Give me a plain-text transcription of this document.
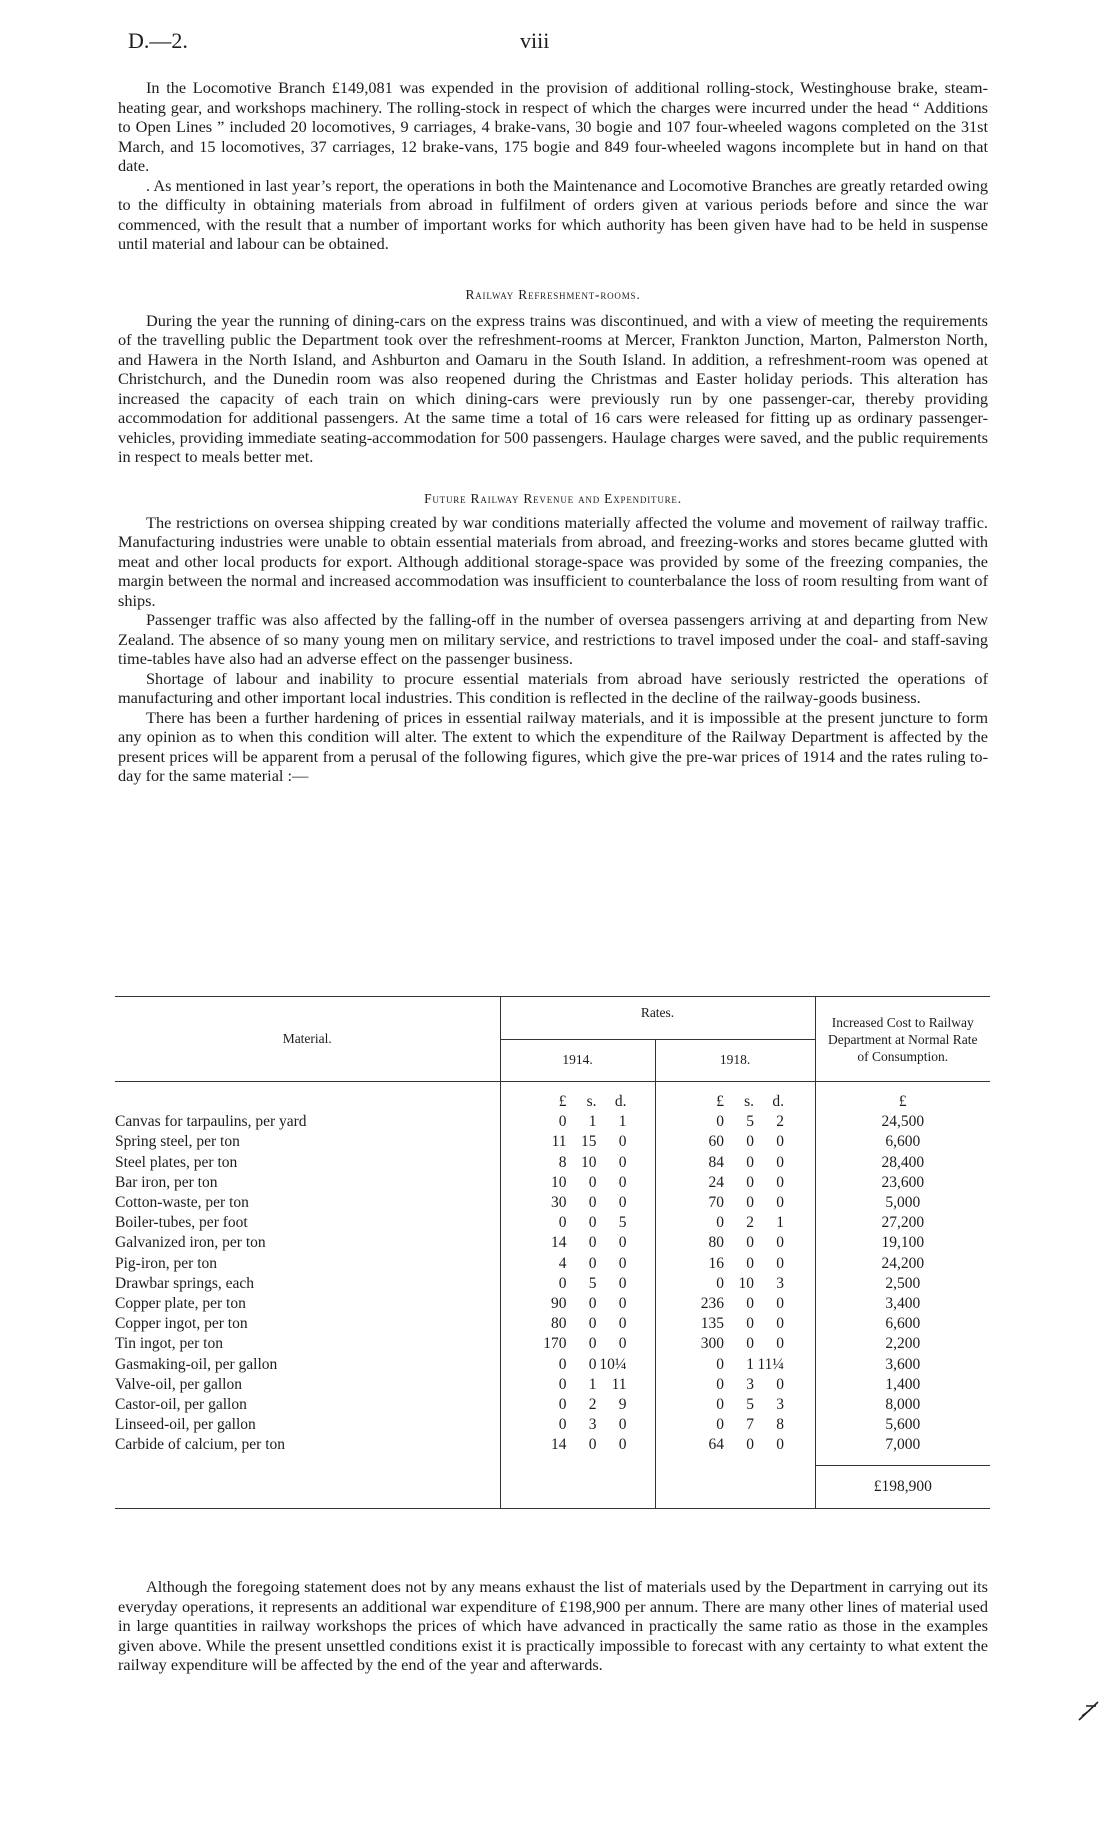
D.—2.	viii

In the Locomotive Branch £149,081 was expended in the provision of additional rolling-stock, Westinghouse brake, steam-heating gear, and workshops machinery. The rolling-stock in respect of which the charges were incurred under the head “ Additions to Open Lines ” included 20 locomotives, 9 carriages, 4 brake-vans, 30 bogie and 107 four-wheeled wagons completed on the 31st March, and 15 locomotives, 37 carriages, 12 brake-vans, 175 bogie and 849 four-wheeled wagons incomplete but in hand on that date.

. As mentioned in last year’s report, the operations in both the Maintenance and Locomotive Branches are greatly retarded owing to the difficulty in obtaining materials from abroad in fulfilment of orders given at various periods before and since the war commenced, with the result that a number of important works for which authority has been given have had to be held in suspense until material and labour can be obtained.

Railway Refreshment-rooms.

During the year the running of dining-cars on the express trains was discontinued, and with a view of meeting the requirements of the travelling public the Department took over the refreshment-rooms at Mercer, Frankton Junction, Marton, Palmerston North, and Hawera in the North Island, and Ashburton and Oamaru in the South Island. In addition, a refreshment-room was opened at Christchurch, and the Dunedin room was also reopened during the Christmas and Easter holiday periods. This alteration has increased the capacity of each train on which dining-cars were previously run by one passenger-car, thereby providing accommodation for additional passengers. At the same time a total of 16 cars were released for fitting up as ordinary passenger-vehicles, providing immediate seating-accommodation for 500 passengers. Haulage charges were saved, and the public requirements in respect to meals better met.

Future Railway Revenue and Expenditure.

The restrictions on oversea shipping created by war conditions materially affected the volume and movement of railway traffic. Manufacturing industries were unable to obtain essential materials from abroad, and freezing-works and stores became glutted with meat and other local products for export. Although additional storage-space was provided by some of the freezing companies, the margin between the normal and increased accommodation was insufficient to counterbalance the loss of room resulting from want of ships.

Passenger traffic was also affected by the falling-off in the number of oversea passengers arriving at and departing from New Zealand. The absence of so many young men on military service, and restrictions to travel imposed under the coal- and staff-saving time-tables have also had an adverse effect on the passenger business.

Shortage of labour and inability to procure essential materials from abroad have seriously restricted the operations of manufacturing and other important local industries. This condition is reflected in the decline of the railway-goods business.

There has been a further hardening of prices in essential railway materials, and it is impossible at the present juncture to form any opinion as to when this condition will alter. The extent to which the expenditure of the Railway Department is affected by the present prices will be apparent from a perusal of the following figures, which give the pre-war prices of 1914 and the rates ruling to-day for the same material :—

Material.	Rates.		Increased Cost to Railway Department at Normal Rate of Consumption.
	1914.	1918.	
	£ s. d.	£ s. d.	£
Canvas for tarpaulins, per yard	0 1 1	0 5 2	24,500
Spring steel, per ton	11 15 0	60 0 0	6,600
Steel plates, per ton	8 10 0	84 0 0	28,400
Bar iron, per ton	10 0 0	24 0 0	23,600
Cotton-waste, per ton	30 0 0	70 0 0	5,000
Boiler-tubes, per foot	0 0 5	0 2 1	27,200
Galvanized iron, per ton	14 0 0	80 0 0	19,100
Pig-iron, per ton	4 0 0	16 0 0	24,200
Drawbar springs, each	0 5 0	0 10 3	2,500
Copper plate, per ton	90 0 0	236 0 0	3,400
Copper ingot, per ton	80 0 0	135 0 0	6,600
Tin ingot, per ton	170 0 0	300 0 0	2,200
Gasmaking-oil, per gallon	0 0 10¼	0 1 11¼	3,600
Valve-oil, per gallon	0 1 11	0 3 0	1,400
Castor-oil, per gallon	0 2 9	0 5 3	8,000
Linseed-oil, per gallon	0 3 0	0 7 8	5,600
Carbide of calcium, per ton	14 0 0	64 0 0	7,000

			£198,900

Although the foregoing statement does not by any means exhaust the list of materials used by the Department in carrying out its everyday operations, it represents an additional war expenditure of £198,900 per annum. There are many other lines of material used in large quantities in railway workshops the prices of which have advanced in practically the same ratio as those in the examples given above. While the present unsettled conditions exist it is practically impossible to forecast with any certainty to what extent the railway expenditure will be affected by the end of the year and afterwards.
